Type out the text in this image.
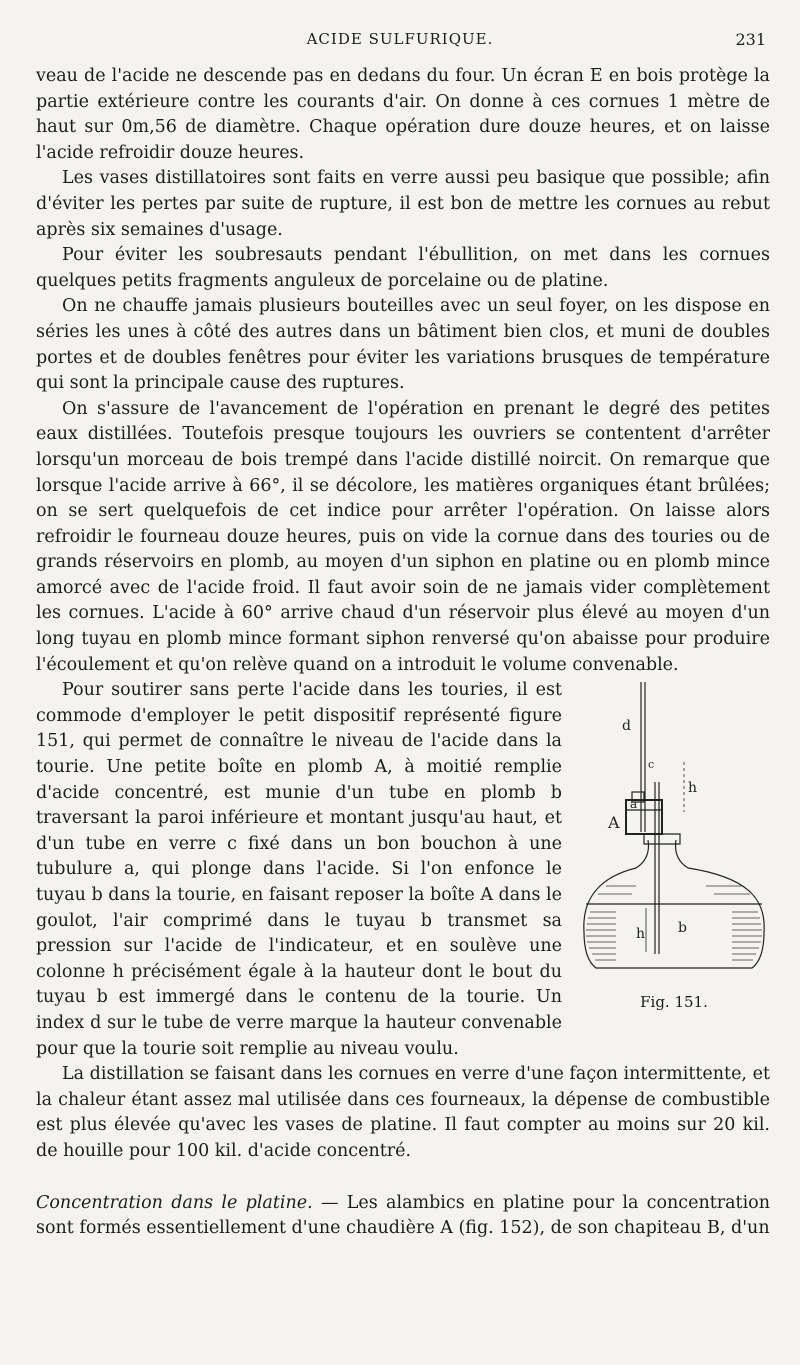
ACIDE SULFURIQUE.	231

veau de l'acide ne descende pas en dedans du four. Un écran E en bois protège la partie extérieure contre les courants d'air. On donne à ces cornues 1 mètre de haut sur 0m,56 de diamètre. Chaque opération dure douze heures, et on laisse l'acide refroidir douze heures.

Les vases distillatoires sont faits en verre aussi peu basique que possible; afin d'éviter les pertes par suite de rupture, il est bon de mettre les cornues au rebut après six semaines d'usage.

Pour éviter les soubresauts pendant l'ébullition, on met dans les cornues quelques petits fragments anguleux de porcelaine ou de platine.

On ne chauffe jamais plusieurs bouteilles avec un seul foyer, on les dispose en séries les unes à côté des autres dans un bâtiment bien clos, et muni de doubles portes et de doubles fenêtres pour éviter les variations brusques de température qui sont la principale cause des ruptures.

On s'assure de l'avancement de l'opération en prenant le degré des petites eaux distillées. Toutefois presque toujours les ouvriers se contentent d'arrêter lorsqu'un morceau de bois trempé dans l'acide distillé noircit. On remarque que lorsque l'acide arrive à 66°, il se décolore, les matières organiques étant brûlées; on se sert quelquefois de cet indice pour arrêter l'opération. On laisse alors refroidir le fourneau douze heures, puis on vide la cornue dans des touries ou de grands réservoirs en plomb, au moyen d'un siphon en platine ou en plomb mince amorcé avec de l'acide froid. Il faut avoir soin de ne jamais vider complètement les cornues. L'acide à 60° arrive chaud d'un réservoir plus élevé au moyen d'un long tuyau en plomb mince formant siphon renversé qu'on abaisse pour produire l'écoulement et qu'on relève quand on a introduit le volume convenable.

d
c
h
a
A
h b
Fig. 151.

Pour soutirer sans perte l'acide dans les touries, il est commode d'employer le petit dispositif représenté figure 151, qui permet de connaître le niveau de l'acide dans la tourie. Une petite boîte en plomb A, à moitié remplie d'acide concentré, est munie d'un tube en plomb b traversant la paroi inférieure et montant jusqu'au haut, et d'un tube en verre c fixé dans un bon bouchon à une tubulure a, qui plonge dans l'acide. Si l'on enfonce le tuyau b dans la tourie, en faisant reposer la boîte A dans le goulot, l'air comprimé dans le tuyau b transmet sa pression sur l'acide de l'indicateur, et en soulève une colonne h précisément égale à la hauteur dont le bout du tuyau b est immergé dans le contenu de la tourie. Un index d sur le tube de verre marque la hauteur convenable pour que la tourie soit remplie au niveau voulu.

La distillation se faisant dans les cornues en verre d'une façon intermittente, et la chaleur étant assez mal utilisée dans ces fourneaux, la dépense de combustible est plus élevée qu'avec les vases de platine. Il faut compter au moins sur 20 kil. de houille pour 100 kil. d'acide concentré.

Concentration dans le platine. — Les alambics en platine pour la concentration sont formés essentiellement d'une chaudière A (fig. 152), de son chapiteau B, d'un
